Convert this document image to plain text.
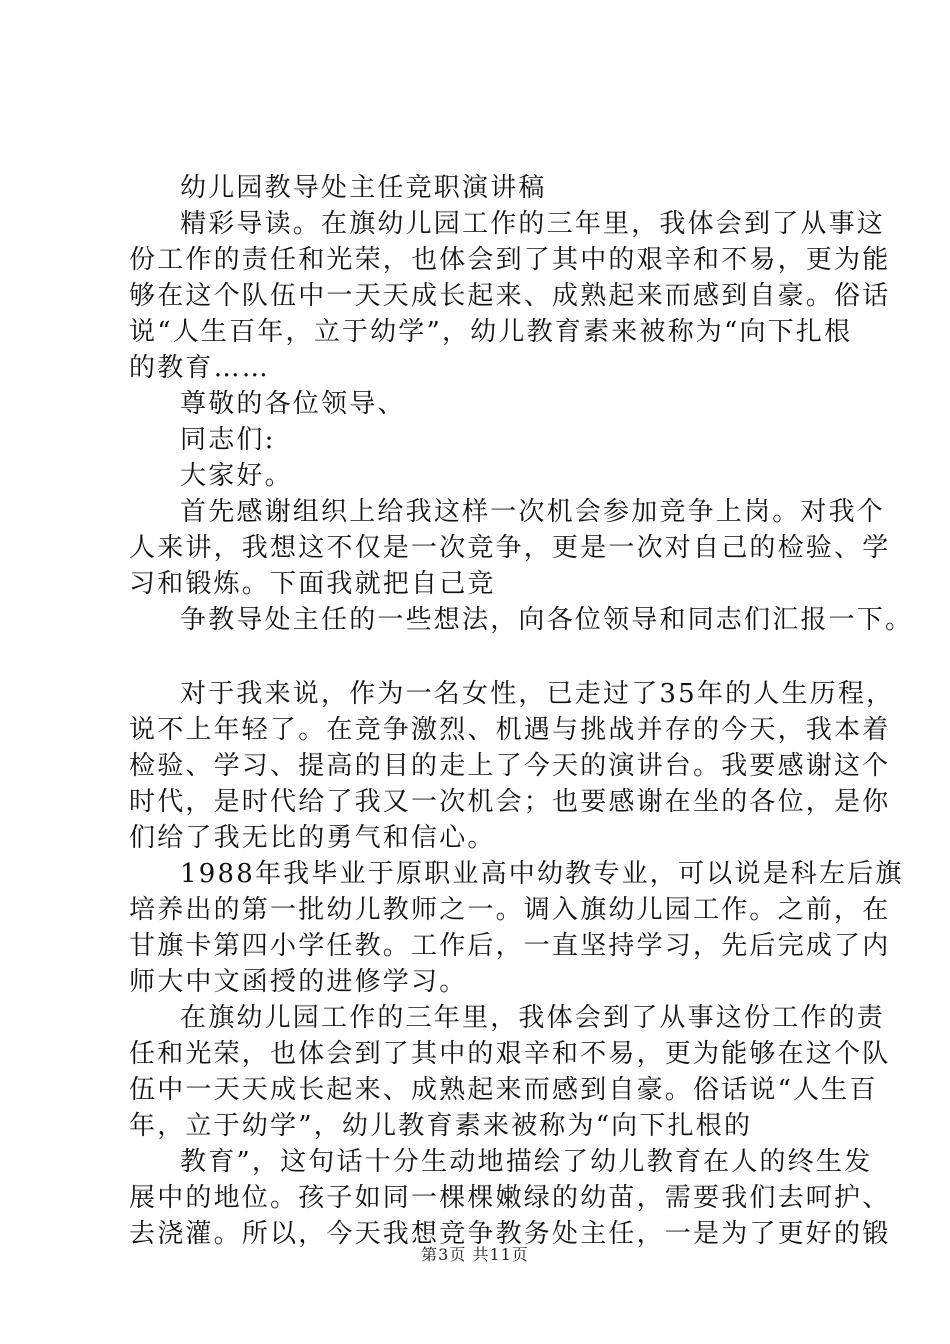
幼儿园教导处主任竞职演讲稿
精彩导读。在旗幼儿园工作的三年里，我体会到了从事这
份工作的责任和光荣，也体会到了其中的艰辛和不易，更为能
够在这个队伍中一天天成长起来、成熟起来而感到自豪。俗话
说“人生百年，立于幼学”，幼儿教育素来被称为“向下扎根
的教育……
尊敬的各位领导、
同志们:
大家好。
首先感谢组织上给我这样一次机会参加竞争上岗。对我个
人来讲，我想这不仅是一次竞争，更是一次对自己的检验、学
习和锻炼。下面我就把自己竞
争教导处主任的一些想法，向各位领导和同志们汇报一下。
对于我来说，作为一名女性，已走过了35年的人生历程，
说不上年轻了。在竞争激烈、机遇与挑战并存的今天，我本着
检验、学习、提高的目的走上了今天的演讲台。我要感谢这个
时代，是时代给了我又一次机会；也要感谢在坐的各位，是你
们给了我无比的勇气和信心。
1988年我毕业于原职业高中幼教专业，可以说是科左后旗
培养出的第一批幼儿教师之一。调入旗幼儿园工作。之前，在
甘旗卡第四小学任教。工作后，一直坚持学习，先后完成了内
师大中文函授的进修学习。
在旗幼儿园工作的三年里，我体会到了从事这份工作的责
任和光荣，也体会到了其中的艰辛和不易，更为能够在这个队
伍中一天天成长起来、成熟起来而感到自豪。俗话说“人生百
年，立于幼学”，幼儿教育素来被称为“向下扎根的
教育”，这句话十分生动地描绘了幼儿教育在人的终生发
展中的地位。孩子如同一棵棵嫩绿的幼苗，需要我们去呵护、
去浇灌。所以，今天我想竞争教务处主任，一是为了更好的锻
第3页 共11页
